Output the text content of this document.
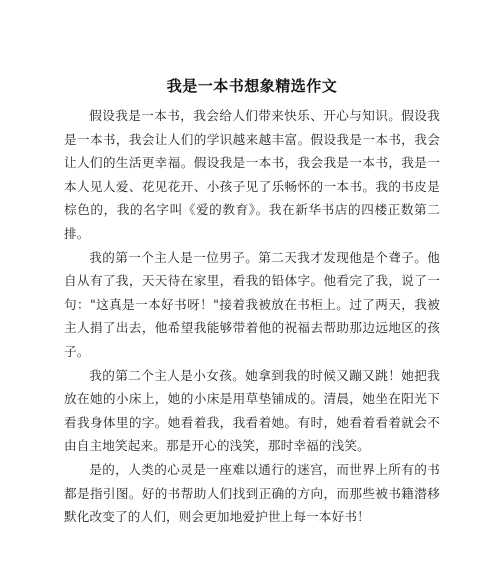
我是一本书想象精选作文

假设我是一本书，我会给人们带来快乐、开心与知识。假设我是一本书，我会让人们的学识越来越丰富。假设我是一本书，我会让人们的生活更幸福。假设我是一本书，我会我是一本书，我是一本人见人爱、花见花开、小孩子见了乐畅怀的一本书。我的书皮是棕色的，我的名字叫《爱的教育》。我在新华书店的四楼正数第二排。

我的第一个主人是一位男子。第二天我才发现他是个聋子。他自从有了我，天天待在家里，看我的铅体字。他看完了我，说了一句："这真是一本好书呀！"接着我被放在书柜上。过了两天，我被主人捐了出去，他希望我能够带着他的祝福去帮助那边远地区的孩子。

我的第二个主人是小女孩。她拿到我的时候又蹦又跳！她把我放在她的小床上，她的小床是用草垫铺成的。清晨，她坐在阳光下看我身体里的字。她看着我，我看着她。有时，她看着看着就会不由自主地笑起来。那是开心的浅笑，那时幸福的浅笑。

是的，人类的心灵是一座难以通行的迷宫，而世界上所有的书都是指引图。好的书帮助人们找到正确的方向，而那些被书籍潜移默化改变了的人们，则会更加地爱护世上每一本好书！
